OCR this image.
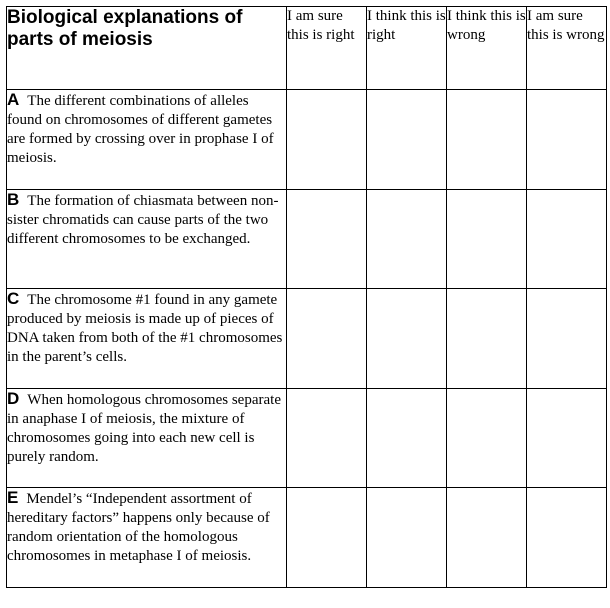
Biological explanations of parts of meiosis	I am sure this is right	I think this is right	I think this is wrong	I am sure this is wrong
A The different combinations of alleles found on chromosomes of different gametes are formed by crossing over in prophase I of meiosis.				
B The formation of chiasmata between non-sister chromatids can cause parts of the two different chromosomes to be exchanged.				
C The chromosome #1 found in any gamete produced by meiosis is made up of pieces of DNA taken from both of the #1 chromosomes in the parent’s cells.				
D When homologous chromosomes separate in anaphase I of meiosis, the mixture of chromosomes going into each new cell is purely random.				
E Mendel’s “Independent assortment of hereditary factors” happens only because of random orientation of the homologous chromosomes in metaphase I of meiosis.				
